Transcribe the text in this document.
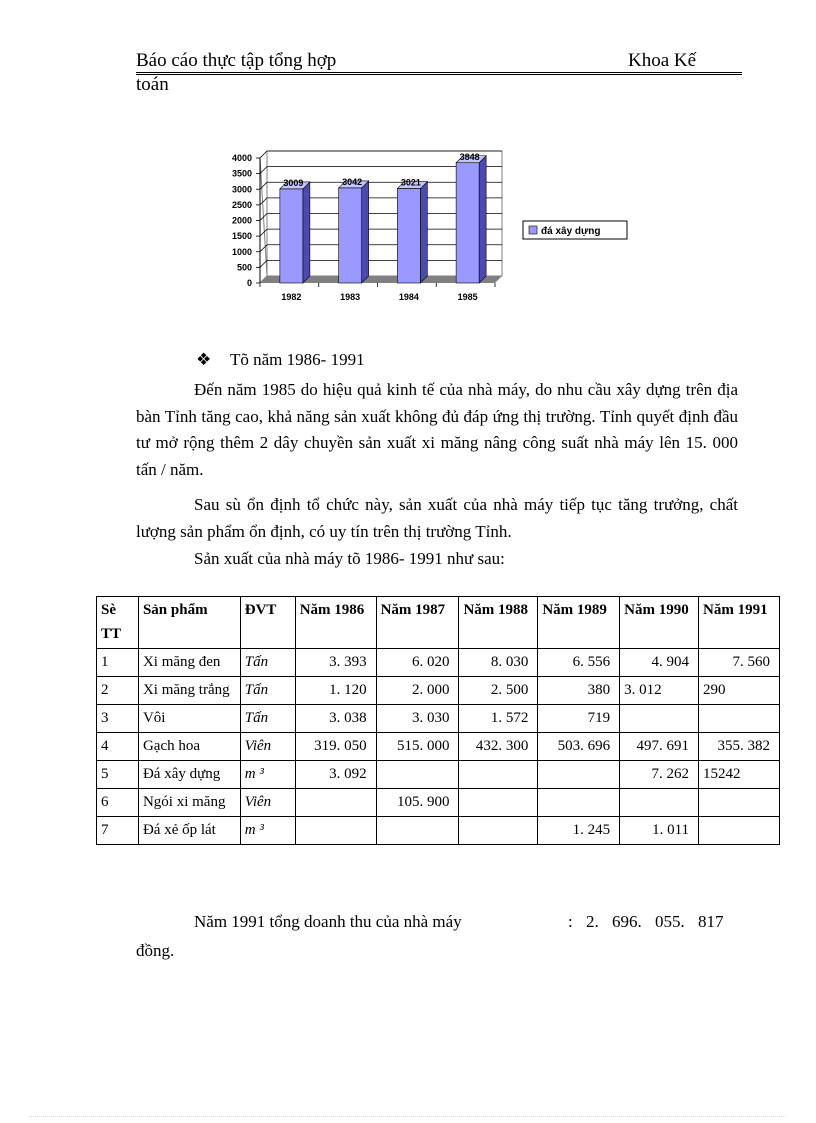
Báo cáo thực tập tổng hợp	Khoa Kế
toán
0
500
1000
1500
2000
2500
3000
3500
4000
3009
1982
3042
1983
3021
1984
3848
1985
đá xây dựng
❖ Tõ năm 1986- 1991
Đến năm 1985 do hiệu quả kinh tế của nhà máy, do nhu cầu xây dựng trên địa bàn Tỉnh tăng cao, khả năng sản xuất không đủ đáp ứng thị trường. Tỉnh quyết định đầu tư mở rộng thêm 2 dây chuyền sản xuất xi măng nâng công suất nhà máy lên 15. 000 tấn / năm.
Sau sù ổn định tổ chức này, sản xuất của nhà máy tiếp tục tăng trưởng, chất lượng sản phẩm ổn định, có uy tín trên thị trường Tỉnh.
Sản xuất của nhà máy tõ 1986- 1991 như sau:
Sè TT	Sản phẩm	ĐVT	Năm 1986	Năm 1987	Năm 1988	Năm 1989	Năm 1990	Năm 1991
1	Xi măng đen	Tấn	3. 393	6. 020	8. 030	6. 556	4. 904	7. 560
2	Xi măng trắng	Tấn	1. 120	2. 000	2. 500	380	3. 012	290
3	Vôi	Tấn	3. 038	3. 030	1. 572	719		
4	Gạch hoa	Viên	319. 050	515. 000	432. 300	503. 696	497. 691	355. 382
5	Đá xây dựng	m ³	3. 092				7. 262	15242
6	Ngói xi măng	Viên		105. 900				
7	Đá xẻ ốp lát	m ³				1. 245	1. 011	
Năm 1991 tổng doanh thu của nhà máy	: 2. 696. 055. 817
đồng.
